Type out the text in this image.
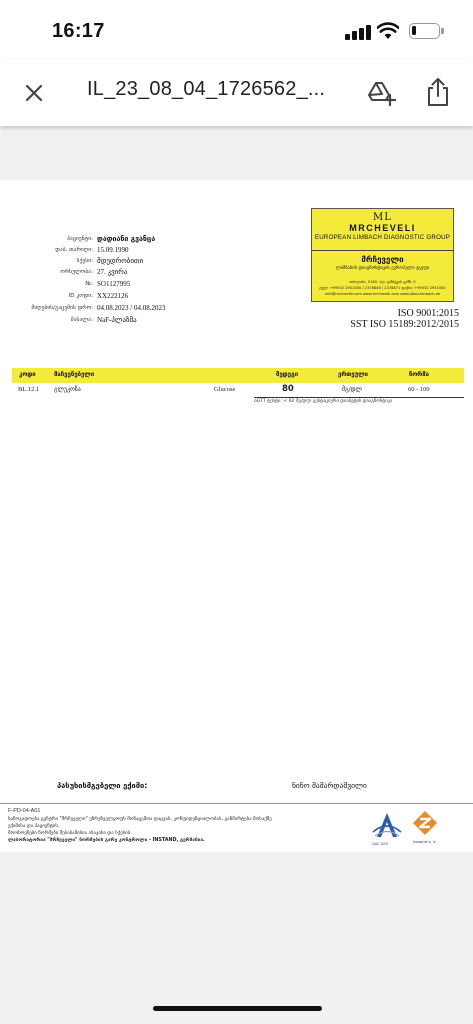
16:17
IL_23_08_04_1726562_...
ML
MRCHEVELI
EUROPEAN LIMBACH DIAGNOSTIC GROUP
მრჩეველი
ლიმბახის დიაგნოსტიკის ევროპული ჯგუფი
თბილისი, 0160, ალ. ყაზბეგის გამზ. 9
ტელ: +99532 2931000 / 2378848 / 2378871 ფაქსი: +99532 2931000
info@mrcheveli.com www.mrcheveli.com www.labor-limbach.de
ISO 9001:2015
SST ISO 15189:2012/2015
პაციენტი: დადიანი გვანცა
დაბ. თარიღი: 15.09.1990
სქესი: მდედრობითი
ორსულობა: 27. კვირა
№: SO1127995
ID კოდი: XX222126
მიღების/გაცემის დრო: 04.08.2023 / 04.08.2023
მასალა: NaF-პლაზმა
კოდი	მაჩვენებელი	შედეგი	ერთეული	ნორმა
BL.12.1 გლუკოზა	Glucose	80	მგ/დლ	60 - 100
oGTT ტესტი: < 92 მგ/დლ გესტაციური დიაბეტის დიაგნოსტიკა
პასუხისმგებელი ექიმი:	ნინო მამარდაშვილი
F-PD-04-A01
საზოგადოება ცენტრი "მრჩეველი" უზრუნველყოფს მონაცემთა დაცვას, კონფიდენციალობას. განმარტება მოსაქმე
ექიმისა და პაციენტის.
მოთხოვნები ნორმები შესაბამისია ასაკისა და სქესის.
ლაბორატორია "მრჩეველი" ნორმების გარე კონტროლი - INSTAND, გერმანია.
GAC GEO	Instand e. V.
